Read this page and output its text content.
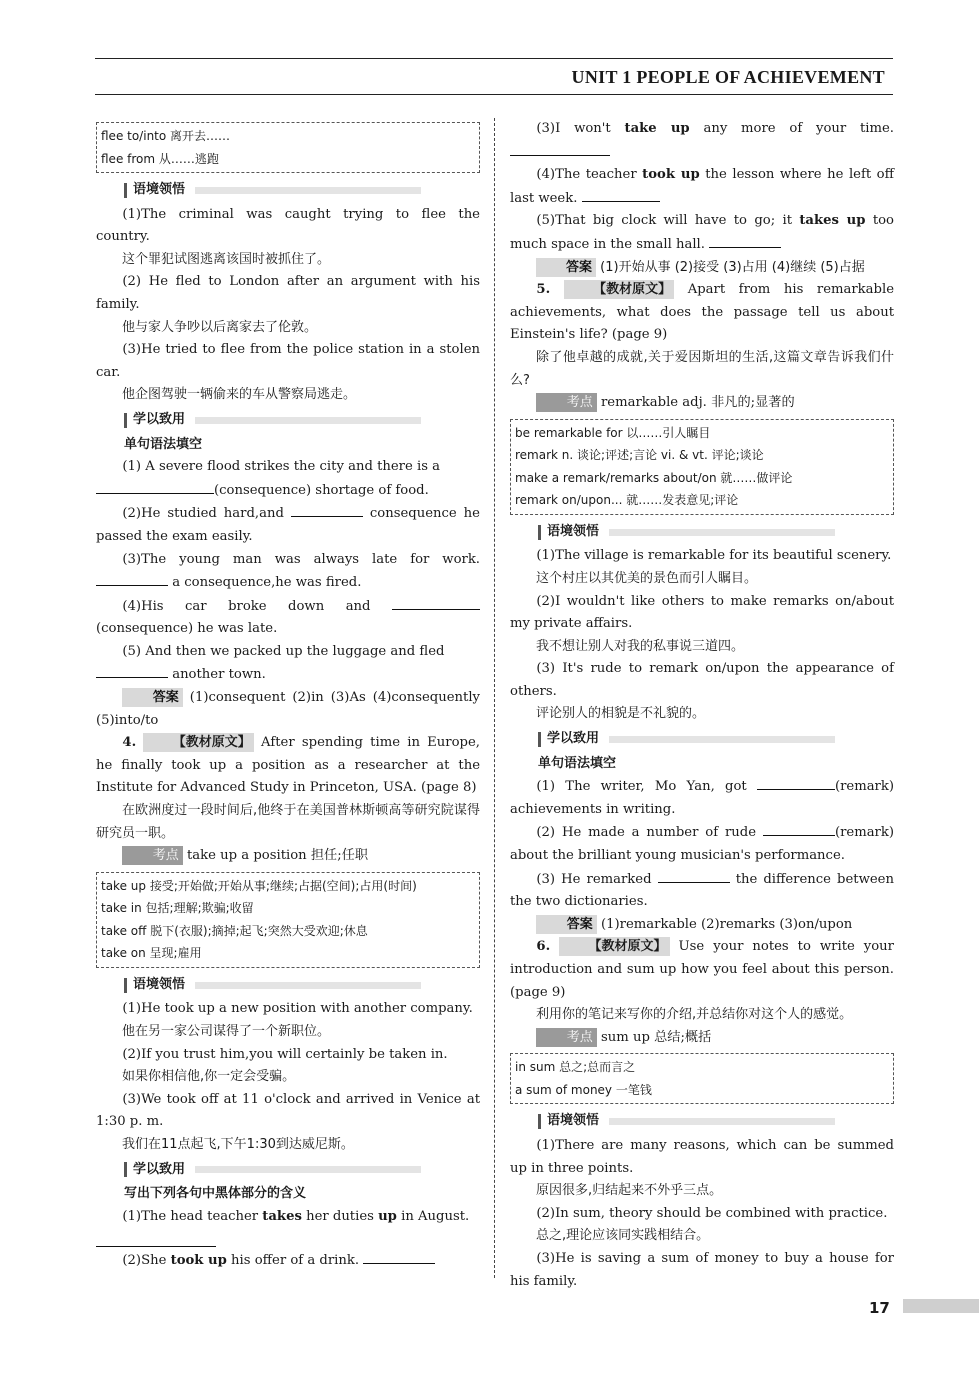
UNIT 1 PEOPLE OF ACHIEVEMENT
flee to/into 离开去……
flee from 从……逃跑
语境领悟

(1)The criminal was caught trying to flee the country.

这个罪犯试图逃离该国时被抓住了。

(2) He fled to London after an argument with his family.

他与家人争吵以后离家去了伦敦。

(3)He tried to flee from the police station in a stolen car.

他企图驾驶一辆偷来的车从警察局逃走。

学以致用
单句语法填空

(1) A severe flood strikes the city and there is a
(consequence) shortage of food.

(2)He studied hard,and	consequence he passed the exam easily.

(3)The young man was always late for work.  a consequence,he was fired.

(4)His car broke down and (consequence) he was late.

(5) And then we packed up the luggage and fled
another town.

答案 (1)consequent (2)in (3)As (4)consequently (5)into/to

4.	【教材原文】 After spending time in Europe, he finally took up a position as a researcher at the Institute for Advanced Study in Princeton, USA. (page 8)

在欧洲度过一段时间后,他终于在美国普林斯顿高等研究院谋得研究员一职。

考点 take up a position 担任;任职

take up 接受;开始做;开始从事;继续;占据(空间);占用(时间)
take in 包括;理解;欺骗;收留
take off 脱下(衣服);摘掉;起飞;突然大受欢迎;休息
take on 呈现;雇用
语境领悟

(1)He took up a new position with another company.

他在另一家公司谋得了一个新职位。

(2)If you trust him,you will certainly be taken in.

如果你相信他,你一定会受骗。

(3)We took off at 11 o'clock and arrived in Venice at 1:30 p. m.

我们在11点起飞,下午1:30到达威尼斯。

学以致用
写出下列各句中黑体部分的含义

(1)The head teacher takes her duties up in August.

(2)She took up his offer of a drink.

(3)I won't take up any more of your time.

(4)The teacher took up the lesson where he left off last week.

(5)That big clock will have to go; it takes up too much space in the small hall.

答案 (1)开始从事 (2)接受 (3)占用 (4)继续 (5)占据

5.	【教材原文】 Apart from his remarkable achievements, what does the passage tell us about Einstein's life? (page 9)

除了他卓越的成就,关于爱因斯坦的生活,这篇文章告诉我们什么?

考点 remarkable adj. 非凡的;显著的

be remarkable for 以……引人瞩目
remark n. 谈论;评述;言论 vi. & vt. 评论;谈论
make a remark/remarks about/on 就……做评论
remark on/upon... 就……发表意见;评论
语境领悟

(1)The village is remarkable for its beautiful scenery.

这个村庄以其优美的景色而引人瞩目。

(2)I wouldn't like others to make remarks on/about my private affairs.

我不想让别人对我的私事说三道四。

(3) It's rude to remark on/upon the appearance of others.

评论别人的相貌是不礼貌的。

学以致用
单句语法填空

(1) The writer, Mo Yan, got	(remark) achievements in writing.

(2) He made a number of rude	(remark) about the brilliant young musician's performance.

(3) He remarked	the difference between the two dictionaries.

答案 (1)remarkable (2)remarks (3)on/upon

6.	【教材原文】 Use your notes to write your introduction and sum up how you feel about this person. (page 9)

利用你的笔记来写你的介绍,并总结你对这个人的感觉。

考点 sum up 总结;概括

in sum 总之;总而言之
a sum of money 一笔钱
语境领悟

(1)There are many reasons, which can be summed up in three points.

原因很多,归结起来不外乎三点。

(2)In sum, theory should be combined with practice.

总之,理论应该同实践相结合。

(3)He is saving a sum of money to buy a house for his family.

17
